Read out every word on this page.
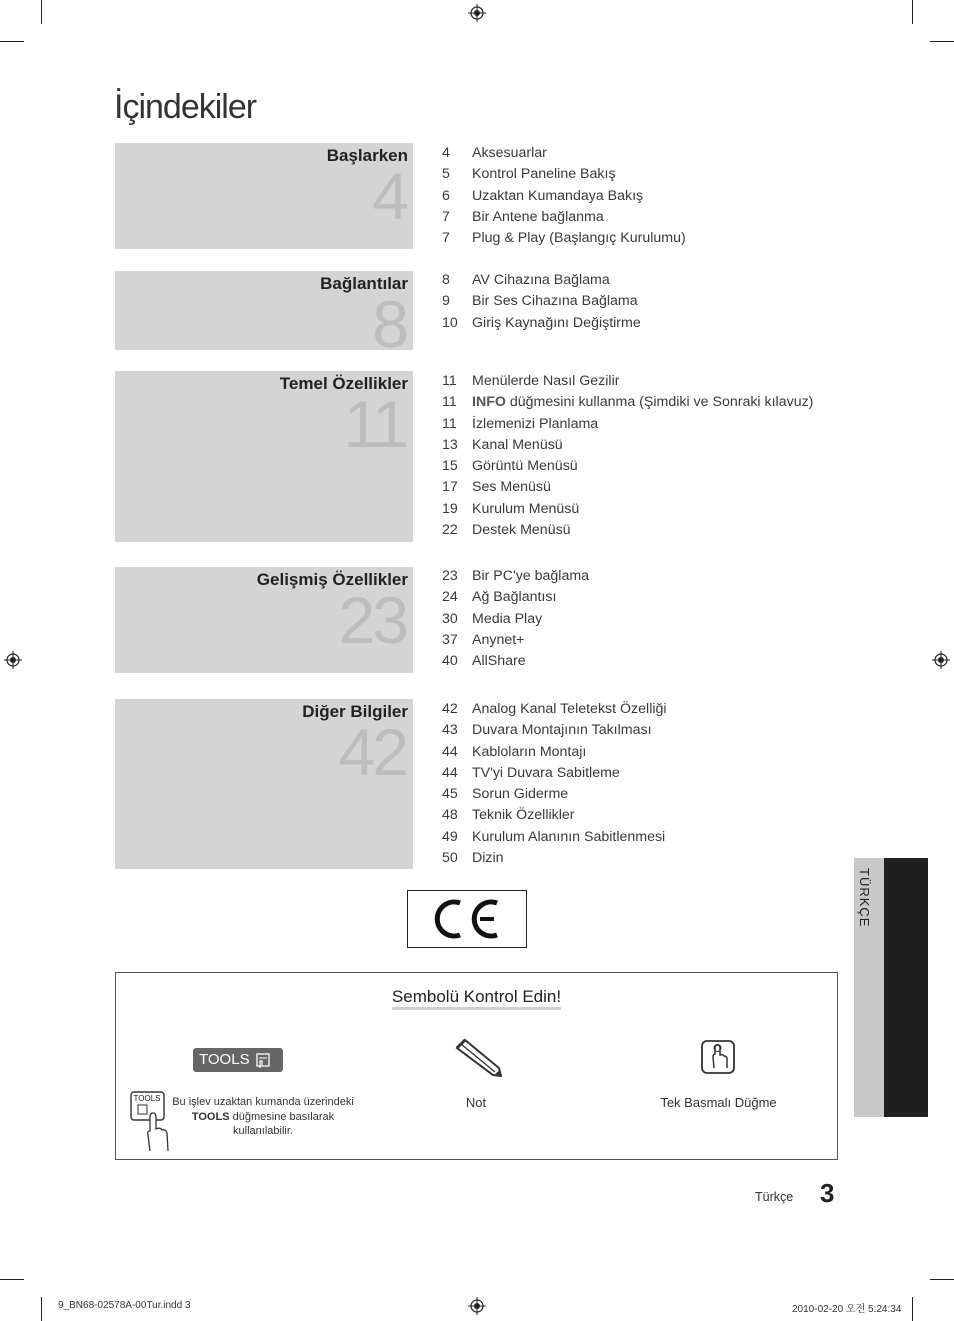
İçindekiler
Başlarken
4
4 Aksesuarlar
5 Kontrol Paneline Bakış
6 Uzaktan Kumandaya Bakış
7 Bir Antene bağlanma
7 Plug & Play (Başlangıç Kurulumu)
Bağlantılar
8
8 AV Cihazına Bağlama
9 Bir Ses Cihazına Bağlama
10 Giriş Kaynağını Değiştirme
Temel Özellikler
11
11 Menülerde Nasıl Gezilir
11 INFO düğmesini kullanma (Şimdiki ve Sonraki kılavuz)
11 İzlemenizi Planlama
13 Kanal Menüsü
15 Görüntü Menüsü
17 Ses Menüsü
19 Kurulum Menüsü
22 Destek Menüsü
Gelişmiş Özellikler
23
23 Bir PC'ye bağlama
24 Ağ Bağlantısı
30 Media Play
37 Anynet+
40 AllShare
Diğer Bilgiler
42
42 Analog Kanal Teletekst Özelliği
43 Duvara Montajının Takılması
44 Kabloların Montajı
44 TV'yi Duvara Sabitleme
45 Sorun Giderme
48 Teknik Özellikler
49 Kurulum Alanının Sabitlenmesi
50 Dizin
Sembolü Kontrol Edin!
TOOLS
TOOLS	Bu işlev uzaktan kumanda üzerindeki
TOOLS düğmesine basılarak
kullanılabilir.
Not	Tek Basmalı Düğme
TÜRKÇE
Türkçe 3
9_BN68-02578A-00Tur.indd 3	2010-02-20 오전 5:24:34
